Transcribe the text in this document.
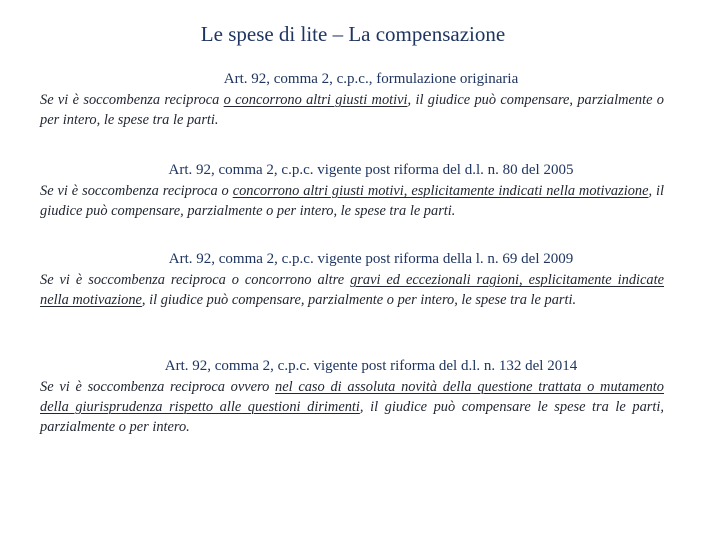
Le spese di lite – La compensazione
Art. 92, comma 2, c.p.c., formulazione originaria
Se vi è soccombenza reciproca o concorrono altri giusti motivi, il giudice può compensare, parzialmente o per intero, le spese tra le parti.
Art. 92, comma 2, c.p.c. vigente post riforma del d.l. n. 80 del 2005
Se vi è soccombenza reciproca o concorrono altri giusti motivi, esplicitamente indicati nella motivazione, il giudice può compensare, parzialmente o per intero, le spese tra le parti.
Art. 92, comma 2, c.p.c. vigente post riforma della l. n. 69 del 2009
Se vi è soccombenza reciproca o concorrono altre gravi ed eccezionali ragioni, esplicitamente indicate nella motivazione, il giudice può compensare, parzialmente o per intero, le spese tra le parti.
Art. 92, comma 2, c.p.c. vigente post riforma del d.l. n. 132 del 2014
Se vi è soccombenza reciproca ovvero nel caso di assoluta novità della questione trattata o mutamento della giurisprudenza rispetto alle questioni dirimenti, il giudice può compensare le spese tra le parti, parzialmente o per intero.
